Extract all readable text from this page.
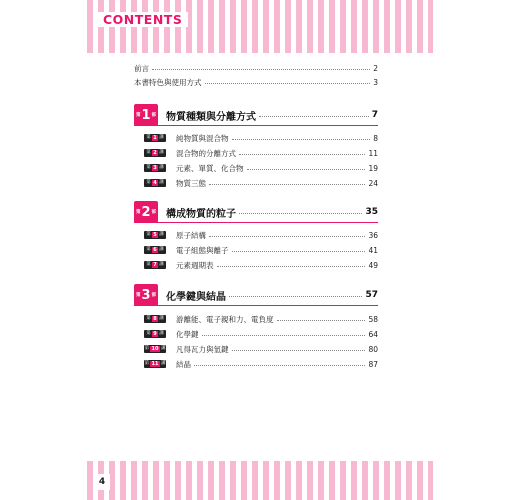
CONTENTS
前言	2
本書特色與使用方式	3
第 1 部 物質種類與分離方式	7
第 1 講 純物質與混合物	8
第 2 講 混合物的分離方式	11
第 3 講 元素、單質、化合物	19
第 4 講 物質三態	24
第 2 部 構成物質的粒子	35
第 5 講 原子結構	36
第 6 講 電子組態與離子	41
第 7 講 元素週期表	49
第 3 部 化學鍵與結晶	57
第 8 講 游離能、電子親和力、電負度	58
第 9 講 化學鍵	64
第 10 講 凡得瓦力與氫鍵	80
第 11 講 結晶	87
4
